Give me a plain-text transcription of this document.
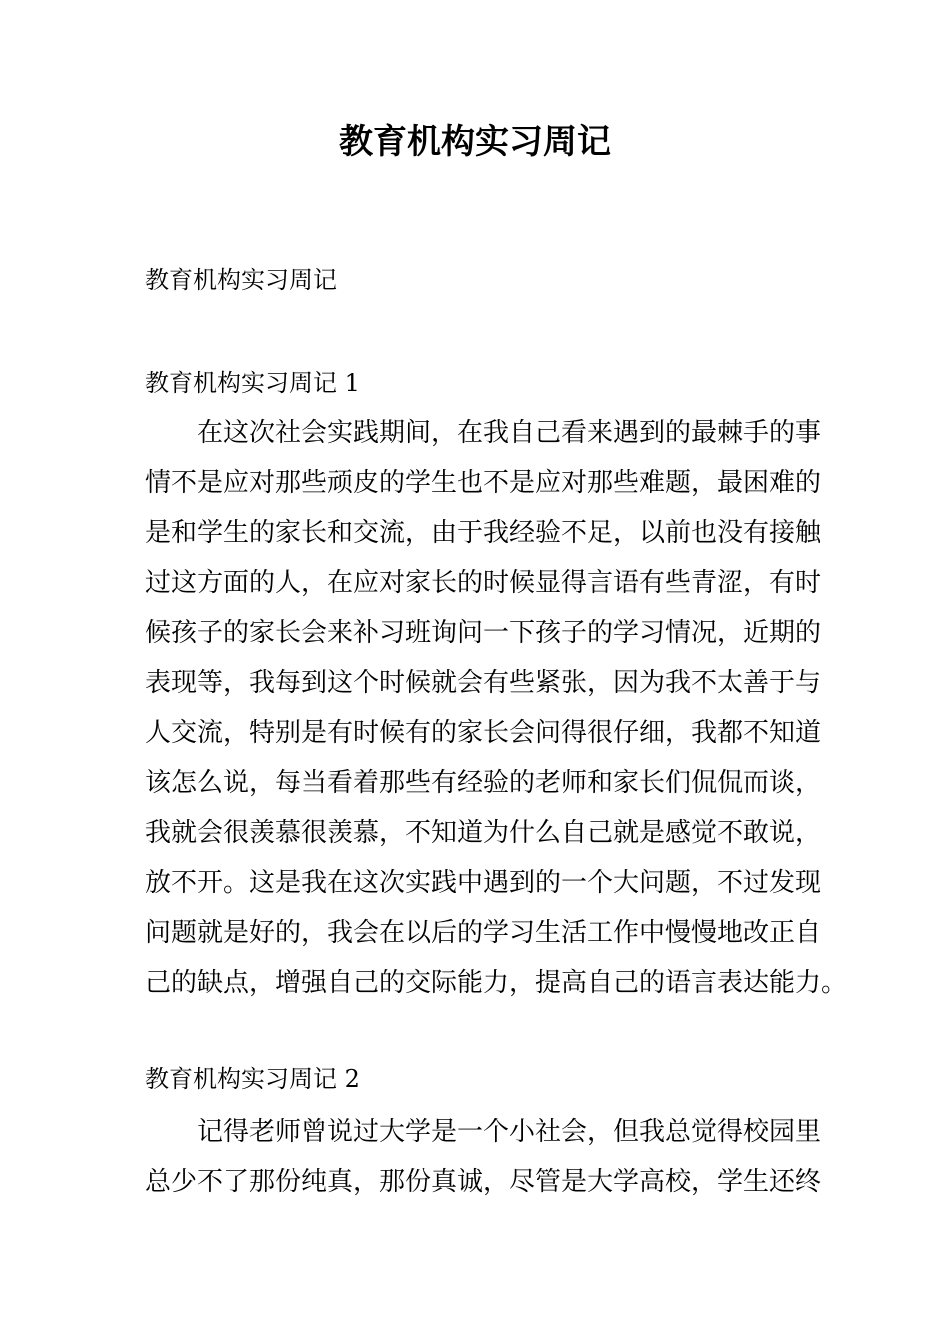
教育机构实习周记

教育机构实习周记

教育机构实习周记 1

在这次社会实践期间，在我自己看来遇到的最棘手的事
情不是应对那些顽皮的学生也不是应对那些难题，最困难的
是和学生的家长和交流，由于我经验不足，以前也没有接触
过这方面的人，在应对家长的时候显得言语有些青涩，有时
候孩子的家长会来补习班询问一下孩子的学习情况，近期的
表现等，我每到这个时候就会有些紧张，因为我不太善于与
人交流，特别是有时候有的家长会问得很仔细，我都不知道
该怎么说，每当看着那些有经验的老师和家长们侃侃而谈，
我就会很羡慕很羡慕，不知道为什么自己就是感觉不敢说，
放不开。这是我在这次实践中遇到的一个大问题，不过发现
问题就是好的，我会在以后的学习生活工作中慢慢地改正自
己的缺点，增强自己的交际能力，提高自己的语言表达能力。

教育机构实习周记 2

记得老师曾说过大学是一个小社会，但我总觉得校园里
总少不了那份纯真，那份真诚，尽管是大学高校，学生还终
